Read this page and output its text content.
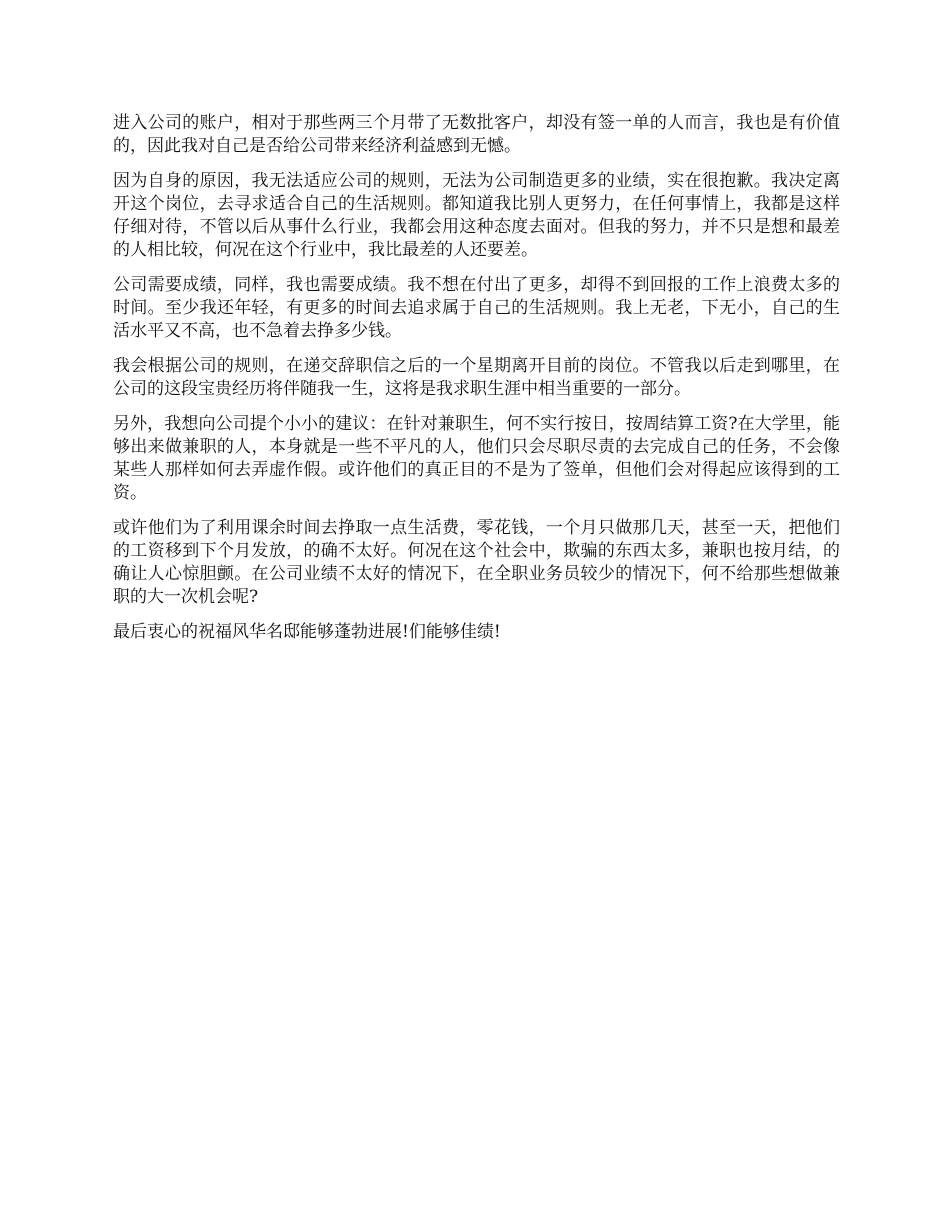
进入公司的账户，相对于那些两三个月带了无数批客户，却没有签一单的人而言，我也是有价值的，因此我对自己是否给公司带来经济利益感到无憾。

因为自身的原因，我无法适应公司的规则，无法为公司制造更多的业绩，实在很抱歉。我决定离开这个岗位，去寻求适合自己的生活规则。都知道我比别人更努力，在任何事情上，我都是这样仔细对待，不管以后从事什么行业，我都会用这种态度去面对。但我的努力，并不只是想和最差的人相比较，何况在这个行业中，我比最差的人还要差。

公司需要成绩，同样，我也需要成绩。我不想在付出了更多，却得不到回报的工作上浪费太多的时间。至少我还年轻，有更多的时间去追求属于自己的生活规则。我上无老，下无小，自己的生活水平又不高，也不急着去挣多少钱。

我会根据公司的规则，在递交辞职信之后的一个星期离开目前的岗位。不管我以后走到哪里，在公司的这段宝贵经历将伴随我一生，这将是我求职生涯中相当重要的一部分。

另外，我想向公司提个小小的建议：在针对兼职生，何不实行按日，按周结算工资?在大学里，能够出来做兼职的人，本身就是一些不平凡的人，他们只会尽职尽责的去完成自己的任务，不会像某些人那样如何去弄虚作假。或许他们的真正目的不是为了签单，但他们会对得起应该得到的工资。

或许他们为了利用课余时间去挣取一点生活费，零花钱，一个月只做那几天，甚至一天，把他们的工资移到下个月发放，的确不太好。何况在这个社会中，欺骗的东西太多，兼职也按月结，的确让人心惊胆颤。在公司业绩不太好的情况下，在全职业务员较少的情况下，何不给那些想做兼职的大一次机会呢?

最后衷心的祝福风华名邸能够蓬勃进展!们能够佳绩!
